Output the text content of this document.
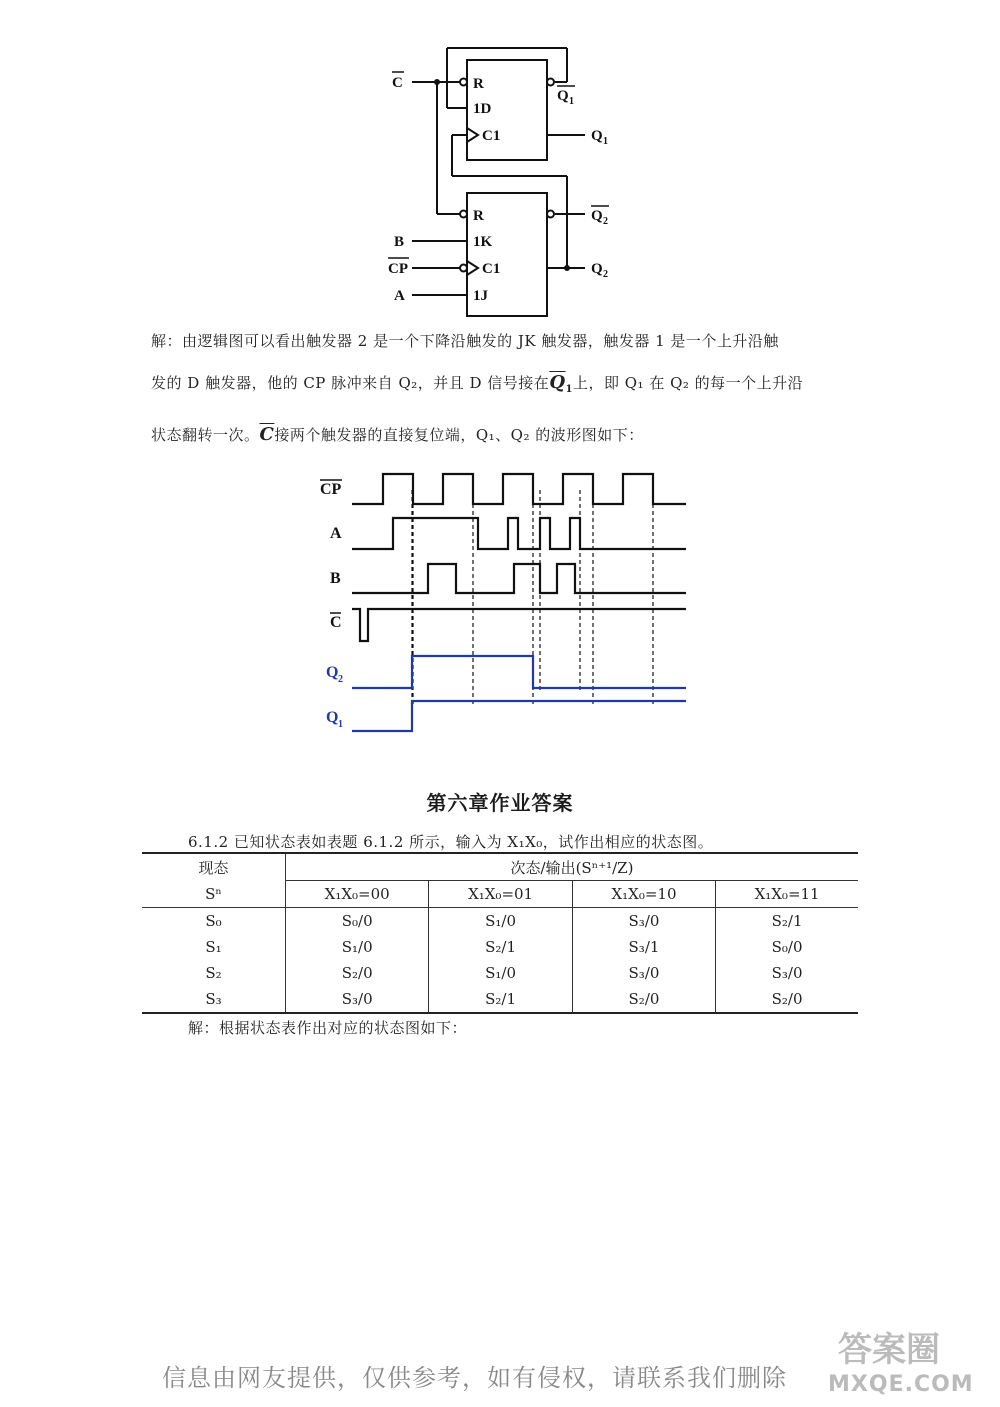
C	R
1D
C1
Q 1
Q 1
R
1K
C1
1J
Q 2
Q 2
B
CP
A
解：由逻辑图可以看出触发器 2 是一个下降沿触发的 JK 触发器，触发器 1 是一个上升沿触
发的 D 触发器，他的 CP 脉冲来自 Q₂，并且 D 信号接在$\overline{Q}_1$上，即 Q₁ 在 Q₂ 的每一个上升沿
状态翻转一次。$\overline{C}$接两个触发器的直接复位端，Q₁、Q₂ 的波形图如下：
CP
A
B
C
Q 2
Q 1
第六章作业答案
6.1.2 已知状态表如表题 6.1.2 所示，输入为 X₁X₀，试作出相应的状态图。
现态	次态/输出(Sⁿ⁺¹/Z)			
Sⁿ	X₁X₀=00	X₁X₀=01	X₁X₀=10	X₁X₀=11
S₀	S₀/0	S₁/0	S₃/0	S₂/1
S₁	S₁/0	S₂/1	S₃/1	S₀/0
S₂	S₂/0	S₁/0	S₃/0	S₃/0
S₃	S₃/0	S₂/1	S₂/0	S₂/0
解：根据状态表作出对应的状态图如下：
信息由网友提供，仅供参考，如有侵权，请联系我们删除
答案圈
MXQE.COM
